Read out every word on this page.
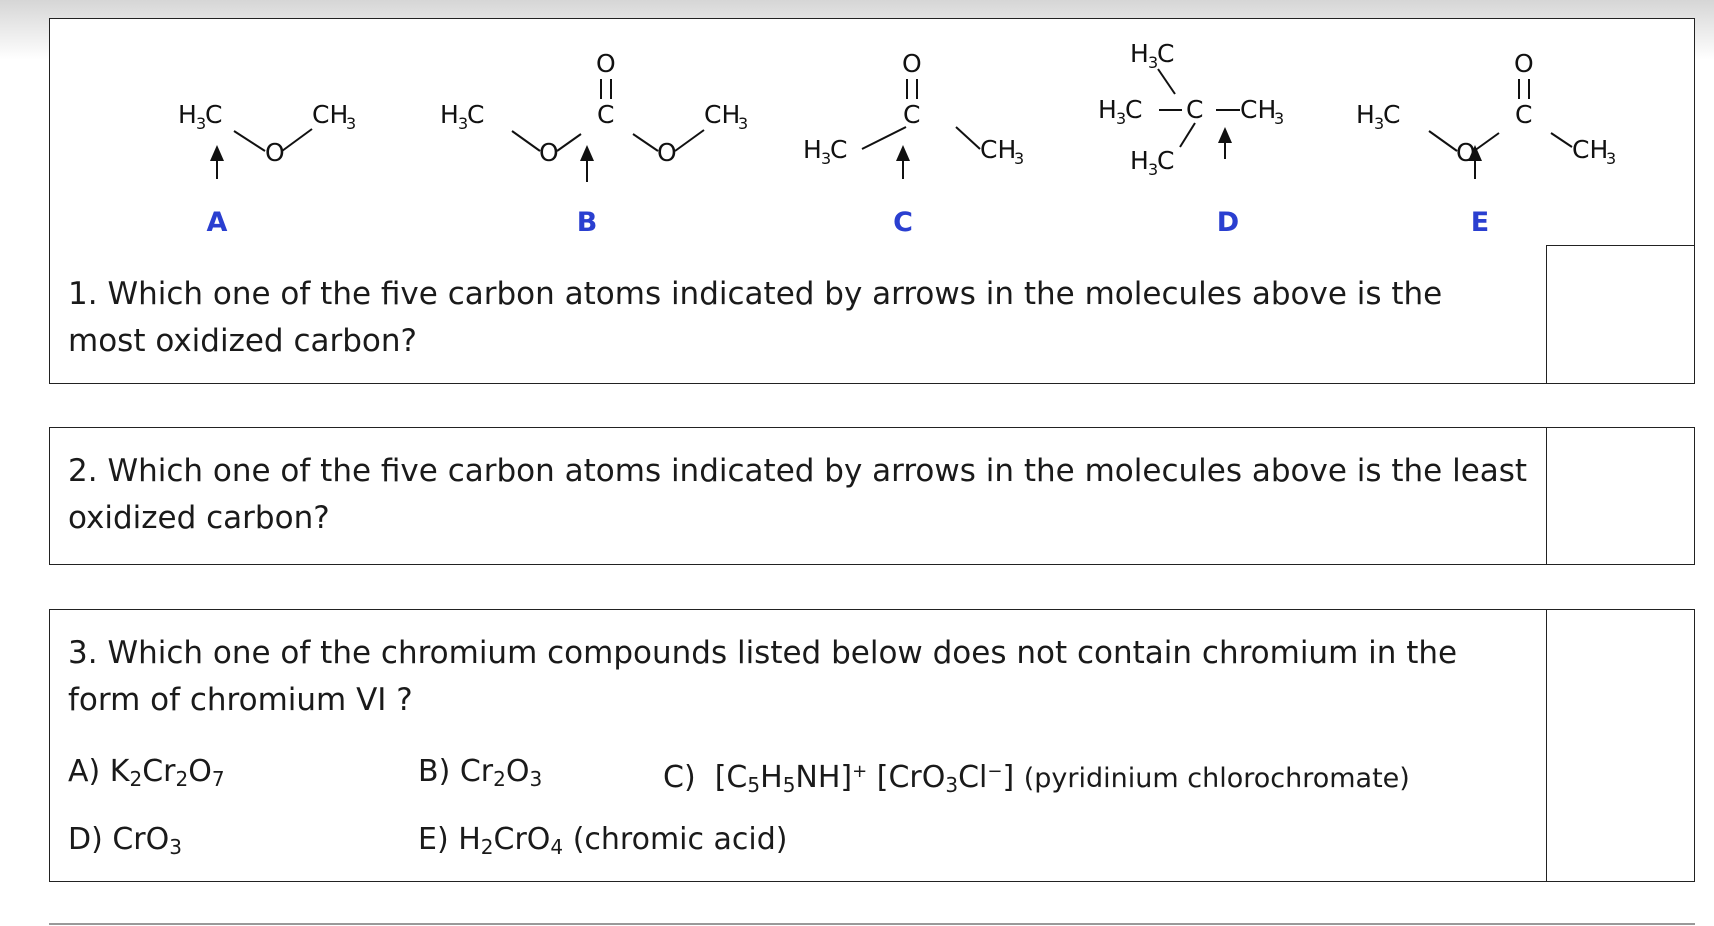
H 3
C
O
CH
3	H 3
C
O
O
C
O
CH
3
H 3
C
O
C
CH
3
H 3
C
H 3
C C CH
3
H 3
C
H 3
C
O
O
C
CH
3
A	B	C	D	E

1. Which one of the five carbon atoms indicated by arrows in the molecules above is the most oxidized carbon?

2. Which one of the five carbon atoms indicated by arrows in the molecules above is the least oxidized carbon?

3. Which one of the chromium compounds listed below does not contain chromium in the form of chromium VI ?

A) $K_2Cr_2O_7$	B) $Cr_2O_3$	C)  $[C_5H_5NH]^+$ [CrO$_3$Cl−] (pyridinium chlorochromate)
D) CrO$_3$	E) $H_2CrO_4$ (chromic acid)
